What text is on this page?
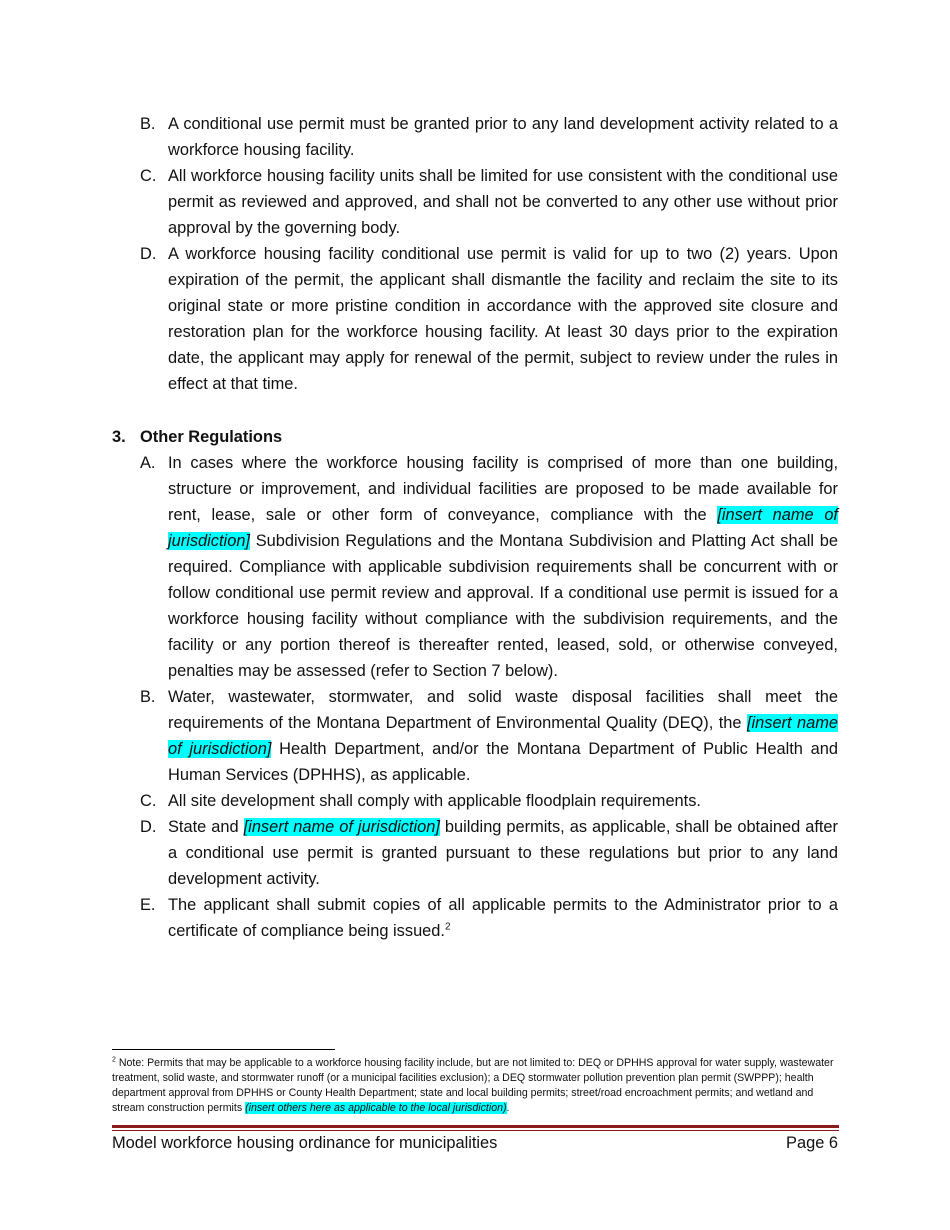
B. A conditional use permit must be granted prior to any land development activity related to a workforce housing facility.
C. All workforce housing facility units shall be limited for use consistent with the conditional use permit as reviewed and approved, and shall not be converted to any other use without prior approval by the governing body.
D. A workforce housing facility conditional use permit is valid for up to two (2) years. Upon expiration of the permit, the applicant shall dismantle the facility and reclaim the site to its original state or more pristine condition in accordance with the approved site closure and restoration plan for the workforce housing facility. At least 30 days prior to the expiration date, the applicant may apply for renewal of the permit, subject to review under the rules in effect at that time.
3. Other Regulations
A. In cases where the workforce housing facility is comprised of more than one building, structure or improvement, and individual facilities are proposed to be made available for rent, lease, sale or other form of conveyance, compliance with the [insert name of jurisdiction] Subdivision Regulations and the Montana Subdivision and Platting Act shall be required. Compliance with applicable subdivision requirements shall be concurrent with or follow conditional use permit review and approval. If a conditional use permit is issued for a workforce housing facility without compliance with the subdivision requirements, and the facility or any portion thereof is thereafter rented, leased, sold, or otherwise conveyed, penalties may be assessed (refer to Section 7 below).
B. Water, wastewater, stormwater, and solid waste disposal facilities shall meet the requirements of the Montana Department of Environmental Quality (DEQ), the [insert name of jurisdiction] Health Department, and/or the Montana Department of Public Health and Human Services (DPHHS), as applicable.
C. All site development shall comply with applicable floodplain requirements.
D. State and [insert name of jurisdiction] building permits, as applicable, shall be obtained after a conditional use permit is granted pursuant to these regulations but prior to any land development activity.
E. The applicant shall submit copies of all applicable permits to the Administrator prior to a certificate of compliance being issued.$^2$
$^2$ Note: Permits that may be applicable to a workforce housing facility include, but are not limited to: DEQ or DPHHS approval for water supply, wastewater treatment, solid waste, and stormwater runoff (or a municipal facilities exclusion); a DEQ stormwater pollution prevention plan permit (SWPPP); health department approval from DPHHS or County Health Department; state and local building permits; street/road encroachment permits; and wetland and stream construction permits (insert others here as applicable to the local jurisdiction).
Model workforce housing ordinance for municipalities	Page 6
